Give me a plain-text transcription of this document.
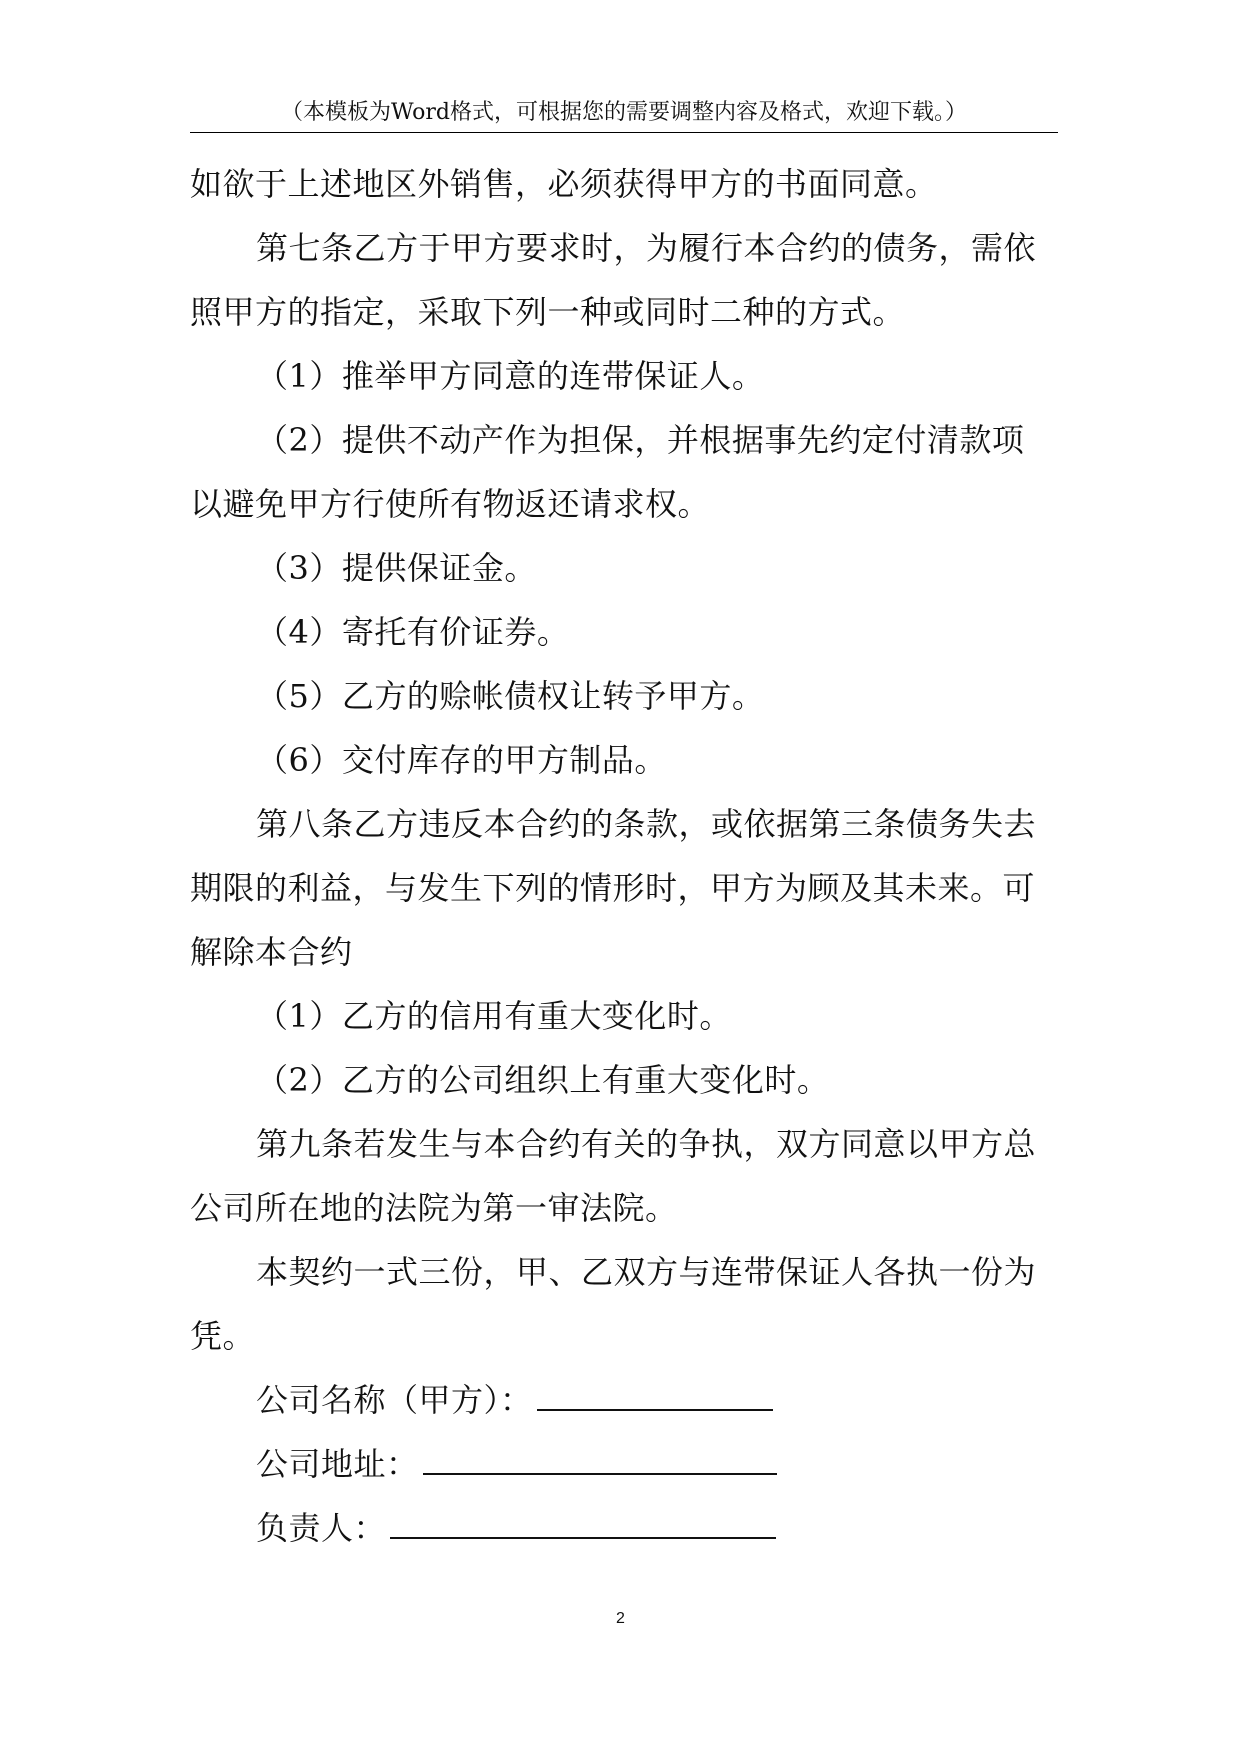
（本模板为Word格式，可根据您的需要调整内容及格式，欢迎下载。）
如欲于上述地区外销售，必须获得甲方的书面同意。
第七条乙方于甲方要求时，为履行本合约的债务，需依
照甲方的指定，采取下列一种或同时二种的方式。
（1）推举甲方同意的连带保证人。
（2）提供不动产作为担保，并根据事先约定付清款项
以避免甲方行使所有物返还请求权。
（3）提供保证金。
（4）寄托有价证券。
（5）乙方的赊帐债权让转予甲方。
（6）交付库存的甲方制品。
第八条乙方违反本合约的条款，或依据第三条债务失去
期限的利益，与发生下列的情形时，甲方为顾及其未来。可
解除本合约
（1）乙方的信用有重大变化时。
（2）乙方的公司组织上有重大变化时。
第九条若发生与本合约有关的争执，双方同意以甲方总
公司所在地的法院为第一审法院。
本契约一式三份，甲、乙双方与连带保证人各执一份为
凭。
公司名称（甲方）：
公司地址：
负责人：
2
